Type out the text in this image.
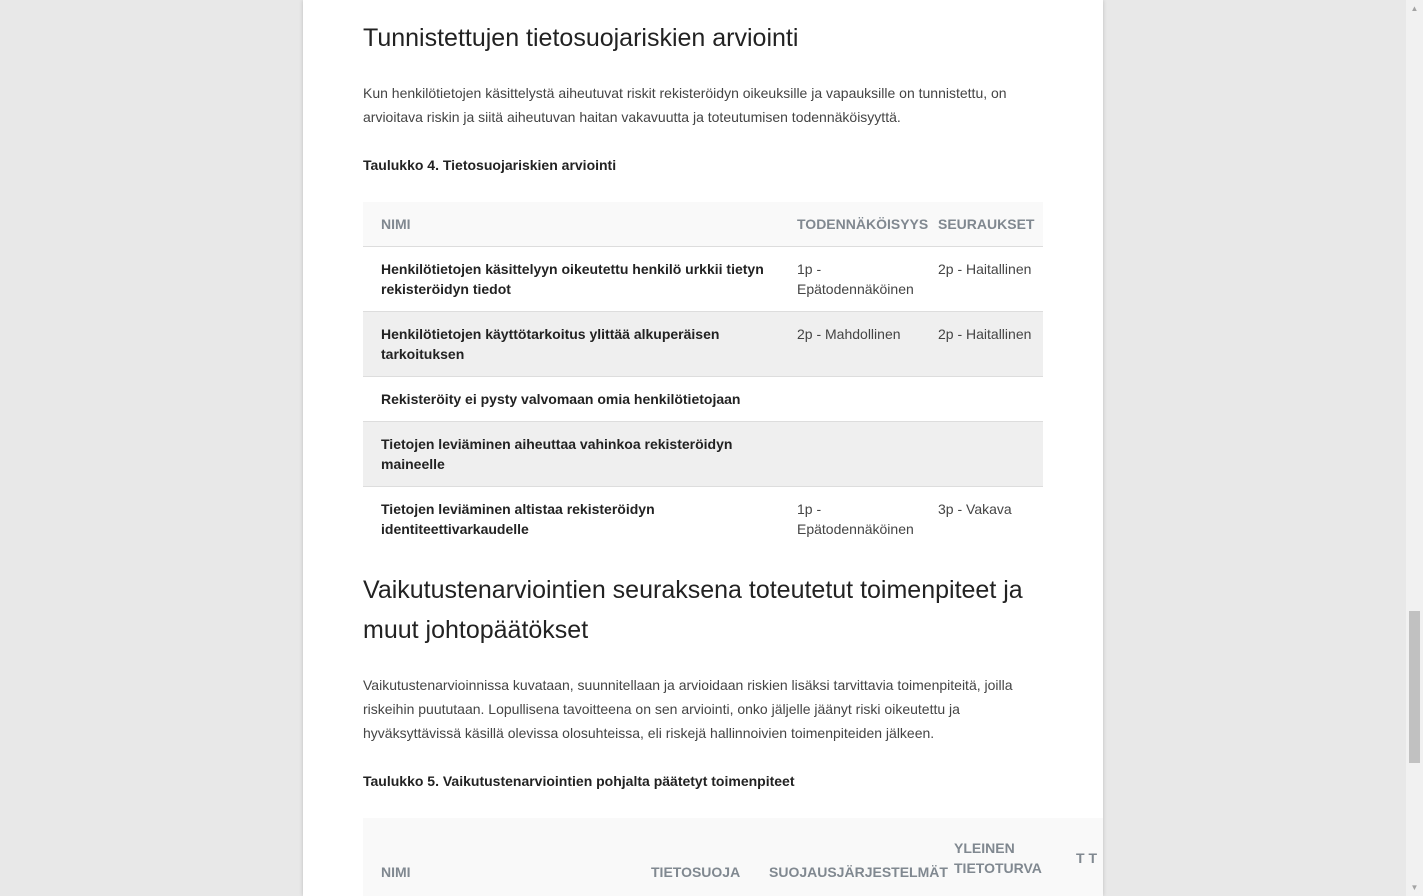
Tunnistettujen tietosuojariskien arviointi

Kun henkilötietojen käsittelystä aiheutuvat riskit rekisteröidyn oikeuksille ja vapauksille on tunnistettu, on arvioitava riskin ja siitä aiheutuvan haitan vakavuutta ja toteutumisen todennäköisyyttä.

Taulukko 4. Tietosuojariskien arviointi
NIMI	TODENNÄKÖISYYS	SEURAUKSET
Henkilötietojen käsittelyyn oikeutettu henkilö urkkii tietyn rekisteröidyn tiedot	1p - Epätodennäköinen	2p - Haitallinen
Henkilötietojen käyttötarkoitus ylittää alkuperäisen tarkoituksen	2p - Mahdollinen	2p - Haitallinen
Rekisteröity ei pysty valvomaan omia henkilötietojaan		
Tietojen leviäminen aiheuttaa vahinkoa rekisteröidyn maineelle		
Tietojen leviäminen altistaa rekisteröidyn identiteettivarkaudelle	1p - Epätodennäköinen	3p - Vakava
Vaikutustenarviointien seuraksena toteutetut toimenpiteet ja muut johtopäätökset

Vaikutustenarvioinnissa kuvataan, suunnitellaan ja arvioidaan riskien lisäksi tarvittavia toimenpiteitä, joilla riskeihin puututaan. Lopullisena tavoitteena on sen arviointi, onko jäljelle jäänyt riski oikeutettu ja hyväksyttävissä käsillä olevissa olosuhteissa, eli riskejä hallinnoivien toimenpiteiden jälkeen.

Taulukko 5. Vaikutustenarviointien pohjalta päätetyt toimenpiteet
NIMI	TIETOSUOJA	SUOJAUSJÄRJESTELMÄT	YLEINEN TIETOTURVA	T T
▲
▼
